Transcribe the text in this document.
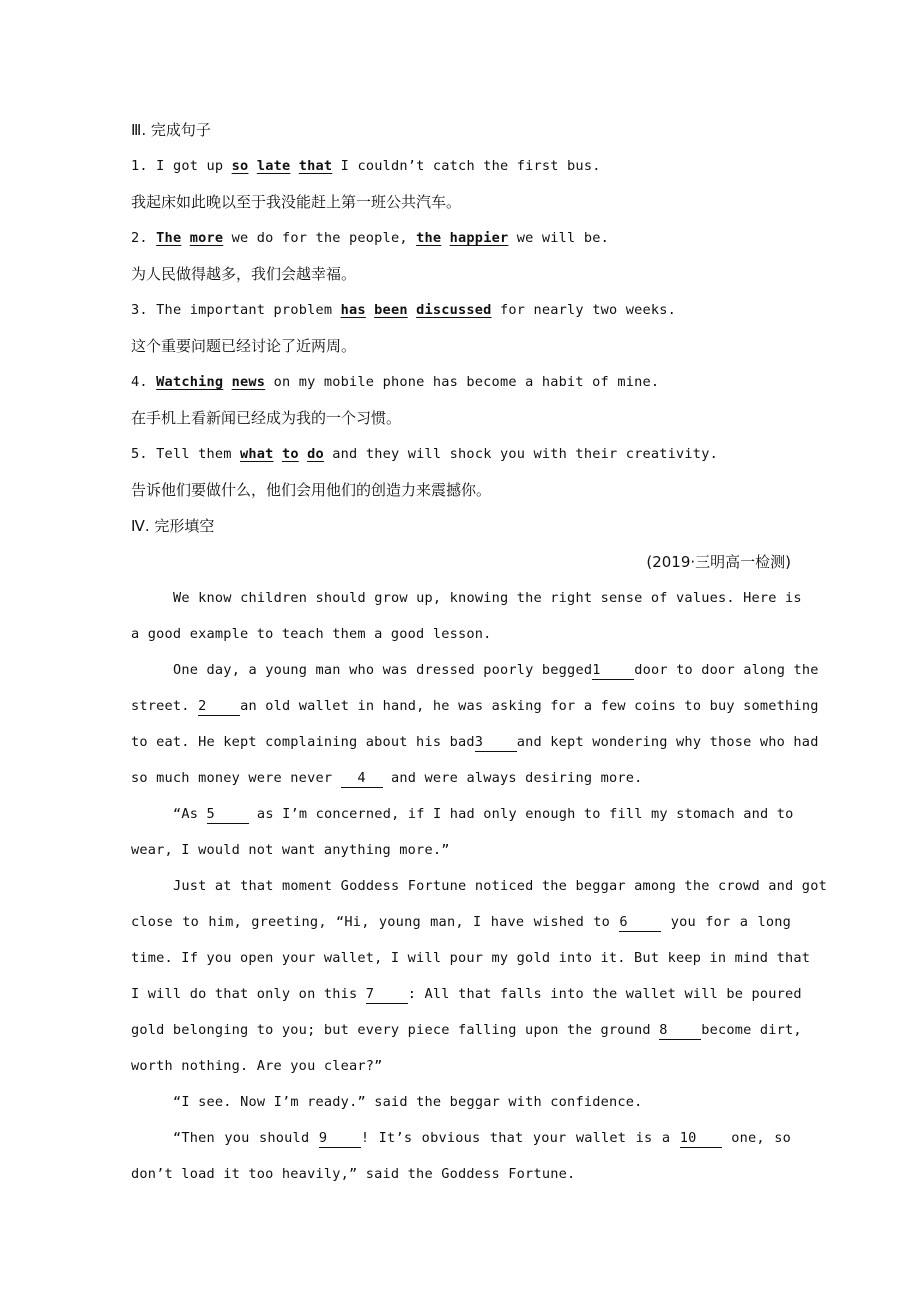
Ⅲ. 完成句子
1. I got up so late that I couldn’t catch the first bus.
我起床如此晚以至于我没能赶上第一班公共汽车。
2. The more we do for the people, the happier we will be.
为人民做得越多，我们会越幸福。
3. The important problem has been discussed for nearly two weeks.
这个重要问题已经讨论了近两周。
4. Watching news on my mobile phone has become a habit of mine.
在手机上看新闻已经成为我的一个习惯。
5. Tell them what to do and they will shock you with their creativity.
告诉他们要做什么，他们会用他们的创造力来震撼你。
Ⅳ. 完形填空
(2019·三明高一检测)
We know children should grow up, knowing the right sense of values. Here is
a good example to teach them a good lesson.
One day, a young man who was dressed poorly begged1 door to door along the
street. 2 an old wallet in hand, he was asking for a few coins to buy something
to eat. He kept complaining about his bad3 and kept wondering why those who had
so much money were never 4 and were always desiring more.
“As 5 as I’m concerned, if I had only enough to fill my stomach and to
wear, I would not want anything more.”
Just at that moment Goddess Fortune noticed the beggar among the crowd and got
close to him, greeting, “Hi, young man, I have wished to 6 you for a long
time. If you open your wallet, I will pour my gold into it. But keep in mind that
I will do that only on this 7 : All that falls into the wallet will be poured
gold belonging to you; but every piece falling upon the ground 8 become dirt,
worth nothing. Are you clear?”
“I see. Now I’m ready.” said the beggar with confidence.
“Then you should 9 ! It’s obvious that your wallet is a 10 one, so
don’t load it too heavily,” said the Goddess Fortune.
